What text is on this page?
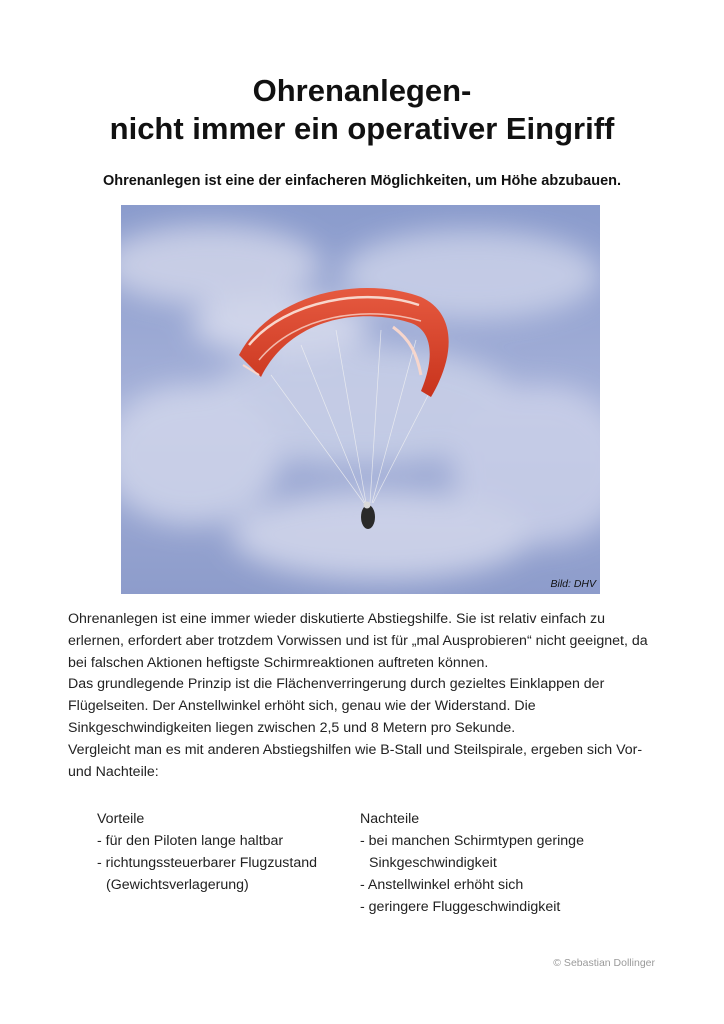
Ohrenanlegen-
nicht immer ein operativer Eingriff
Ohrenanlegen ist eine der einfacheren Möglichkeiten, um Höhe abzubauen.
Bild: DHV

Ohrenanlegen ist eine immer wieder diskutierte Abstiegshilfe. Sie ist relativ einfach zu erlernen, erfordert aber trotzdem Vorwissen und ist für „mal Ausprobieren“ nicht geeignet, da bei falschen Aktionen heftigste Schirmreaktionen auftreten können.

Das grundlegende Prinzip ist die Flächenverringerung durch gezieltes Einklappen der Flügelseiten. Der Anstellwinkel erhöht sich, genau wie der Widerstand. Die Sinkgeschwindigkeiten liegen zwischen 2,5 und 8 Metern pro Sekunde.

Vergleicht man es mit anderen Abstiegshilfen wie B-Stall und Steilspirale, ergeben sich Vor- und Nachteile:

Vorteile
- für den Piloten lange haltbar
- richtungssteuerbarer Flugzustand (Gewichtsverlagerung)
Nachteile
- bei manchen Schirmtypen geringe Sinkgeschwindigkeit
- Anstellwinkel erhöht sich
- geringere Fluggeschwindigkeit
© Sebastian Dollinger
